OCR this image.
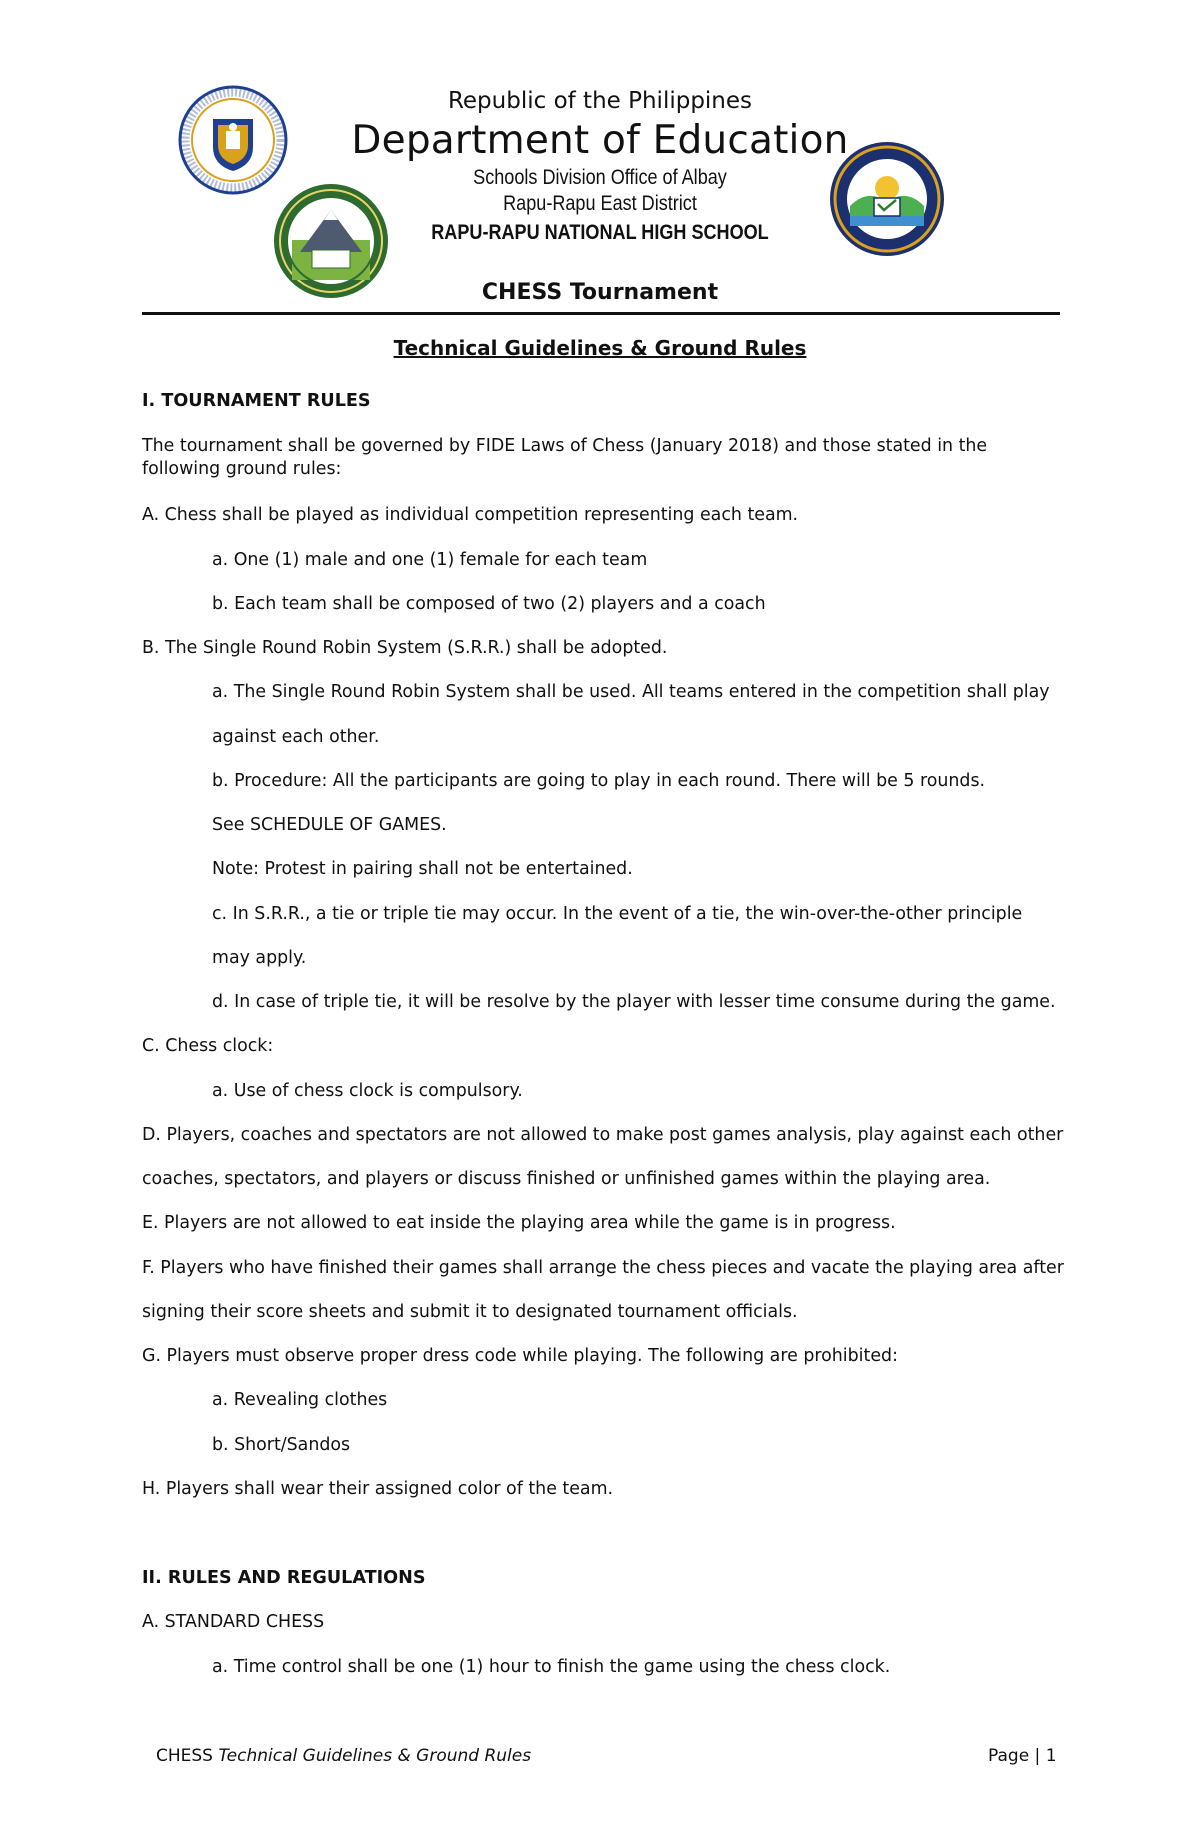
Republic of the Philippines
Department of Education
Schools Division Office of Albay
Rapu-Rapu East District
RAPU-RAPU NATIONAL HIGH SCHOOL
CHESS Tournament
Technical Guidelines & Ground Rules
I. TOURNAMENT RULES
The tournament shall be governed by FIDE Laws of Chess (January 2018) and those stated in the
following ground rules:
A. Chess shall be played as individual competition representing each team.
a. One (1) male and one (1) female for each team
b. Each team shall be composed of two (2) players and a coach
B. The Single Round Robin System (S.R.R.) shall be adopted.
a. The Single Round Robin System shall be used. All teams entered in the competition shall play
against each other.
b. Procedure: All the participants are going to play in each round. There will be 5 rounds.
See SCHEDULE OF GAMES.
Note: Protest in pairing shall not be entertained.
c. In S.R.R., a tie or triple tie may occur. In the event of a tie, the win-over-the-other principle
may apply.
d. In case of triple tie, it will be resolve by the player with lesser time consume during the game.
C. Chess clock:
a. Use of chess clock is compulsory.
D. Players, coaches and spectators are not allowed to make post games analysis, play against each other
coaches, spectators, and players or discuss finished or unfinished games within the playing area.
E. Players are not allowed to eat inside the playing area while the game is in progress.
F. Players who have finished their games shall arrange the chess pieces and vacate the playing area after
signing their score sheets and submit it to designated tournament officials.
G. Players must observe proper dress code while playing. The following are prohibited:
a. Revealing clothes
b. Short/Sandos
H. Players shall wear their assigned color of the team.
II. RULES AND REGULATIONS
A. STANDARD CHESS
a. Time control shall be one (1) hour to finish the game using the chess clock.
CHESS Technical Guidelines & Ground Rules	Page | 1
